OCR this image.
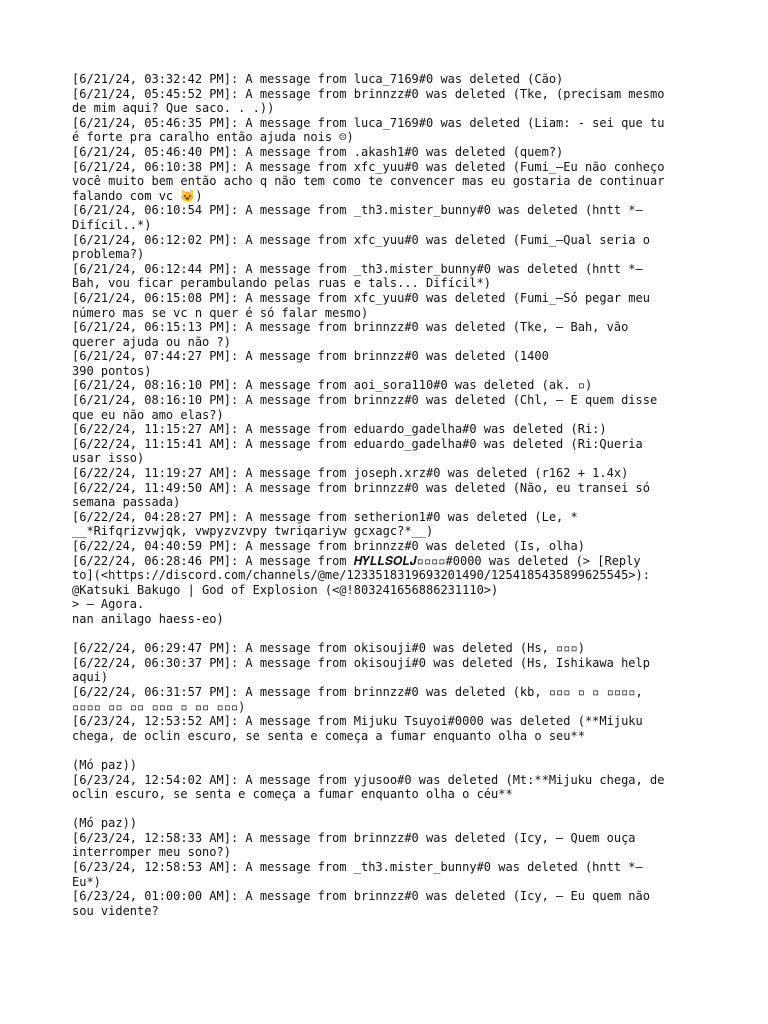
[6/21/24, 03:32:42 PM]: A message from luca_7169#0 was deleted (Cão)
[6/21/24, 05:45:52 PM]: A message from brinnzz#0 was deleted (Tke, (precisam mesmo
de mim aqui? Que saco. . .))
[6/21/24, 05:46:35 PM]: A message from luca_7169#0 was deleted (Liam: - sei que tu
é forte pra caralho então ajuda nois ☹)
[6/21/24, 05:46:40 PM]: A message from .akash1#0 was deleted (quem?)
[6/21/24, 06:10:38 PM]: A message from xfc_yuu#0 was deleted (Fumi_—Eu não conheço
você muito bem então acho q não tem como te convencer mas eu gostaria de continuar
falando com vc 😺)
[6/21/24, 06:10:54 PM]: A message from _th3.mister_bunny#0 was deleted (hntt *—
Difícil..*)
[6/21/24, 06:12:02 PM]: A message from xfc_yuu#0 was deleted (Fumi_—Qual seria o
problema?)
[6/21/24, 06:12:44 PM]: A message from _th3.mister_bunny#0 was deleted (hntt *—
Bah, vou ficar perambulando pelas ruas e tals... Difícil*)
[6/21/24, 06:15:08 PM]: A message from xfc_yuu#0 was deleted (Fumi_—Só pegar meu
número mas se vc n quer é só falar mesmo)
[6/21/24, 06:15:13 PM]: A message from brinnzz#0 was deleted (Tke, — Bah, vão
querer ajuda ou não ?)
[6/21/24, 07:44:27 PM]: A message from brinnzz#0 was deleted (1400
390 pontos)
[6/21/24, 08:16:10 PM]: A message from aoi_sora110#0 was deleted (ak. ▫)
[6/21/24, 08:16:10 PM]: A message from brinnzz#0 was deleted (Chl, — E quem disse
que eu não amo elas?)
[6/22/24, 11:15:27 AM]: A message from eduardo_gadelha#0 was deleted (Ri:)
[6/22/24, 11:15:41 AM]: A message from eduardo_gadelha#0 was deleted (Ri:Queria
usar isso)
[6/22/24, 11:19:27 AM]: A message from joseph.xrz#0 was deleted (r162 + 1.4x)
[6/22/24, 11:49:50 AM]: A message from brinnzz#0 was deleted (Não, eu transei só
semana passada)
[6/22/24, 04:28:27 PM]: A message from setherion1#0 was deleted (Le, *
__*Rifqrizvwjqk, vwpyzvzvpy twriqariyw gcxagc?*__)
[6/22/24, 04:40:59 PM]: A message from brinnzz#0 was deleted (Is, olha)
[6/22/24, 06:28:46 PM]: A message from 𝑯𝒀𝑳𝑳𝑺𝑶𝑳𝑱▫▫▫▫#0000 was deleted (> [Reply
to](<https://discord.com/channels/@me/1233518319693201490/1254185435899625545>):
@Katsuki Bakugo | God of Explosion (<@!803241656886231110>)
> — Agora.
nan anilago haess-eo)
[6/22/24, 06:29:47 PM]: A message from okisouji#0 was deleted (Hs, ▫▫▫)
[6/22/24, 06:30:37 PM]: A message from okisouji#0 was deleted (Hs, Ishikawa help
aqui)
[6/22/24, 06:31:57 PM]: A message from brinnzz#0 was deleted (kb, ▫▫▫ ▫ ▫ ▫▫▫▫,
▫▫▫▫ ▫▫ ▫▫ ▫▫▫ ▫ ▫▫ ▫▫▫)
[6/23/24, 12:53:52 AM]: A message from Mijuku Tsuyoi#0000 was deleted (**Mijuku
chega, de oclin escuro, se senta e começa a fumar enquanto olha o seu**
(Mó paz))
[6/23/24, 12:54:02 AM]: A message from yjusoo#0 was deleted (Mt:**Mijuku chega, de
oclin escuro, se senta e começa a fumar enquanto olha o céu**
(Mó paz))
[6/23/24, 12:58:33 AM]: A message from brinnzz#0 was deleted (Icy, — Quem ouça
interromper meu sono?)
[6/23/24, 12:58:53 AM]: A message from _th3.mister_bunny#0 was deleted (hntt *—
Eu*)
[6/23/24, 01:00:00 AM]: A message from brinnzz#0 was deleted (Icy, — Eu quem não
sou vidente?
